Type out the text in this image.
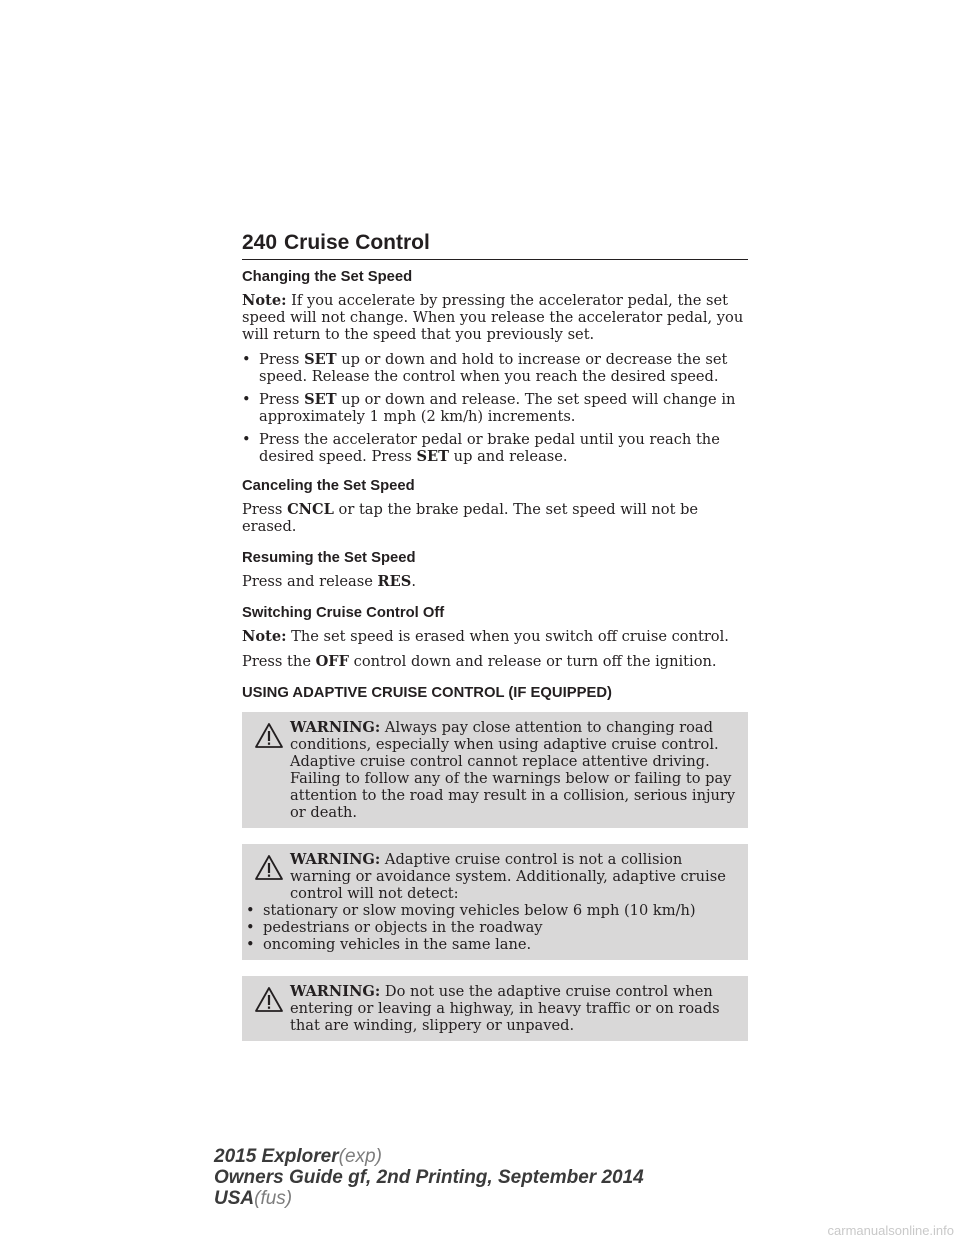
240 Cruise Control
Changing the Set Speed

Note: If you accelerate by pressing the accelerator pedal, the set speed will not change. When you release the accelerator pedal, you will return to the speed that you previously set.

• Press SET up or down and hold to increase or decrease the set speed. Release the control when you reach the desired speed.
• Press SET up or down and release. The set speed will change in approximately 1 mph (2 km/h) increments.
• Press the accelerator pedal or brake pedal until you reach the desired speed. Press SET up and release.
Canceling the Set Speed

Press CNCL or tap the brake pedal. The set speed will not be erased.

Resuming the Set Speed

Press and release RES.

Switching Cruise Control Off

Note: The set speed is erased when you switch off cruise control.

Press the OFF control down and release or turn off the ignition.

USING ADAPTIVE CRUISE CONTROL (IF EQUIPPED)
WARNING: Always pay close attention to changing road conditions, especially when using adaptive cruise control. Adaptive cruise control cannot replace attentive driving. Failing to follow any of the warnings below or failing to pay attention to the road may result in a collision, serious injury or death.
WARNING: Adaptive cruise control is not a collision warning or avoidance system. Additionally, adaptive cruise control will not detect:
• stationary or slow moving vehicles below 6 mph (10 km/h)
• pedestrians or objects in the roadway
• oncoming vehicles in the same lane.
WARNING: Do not use the adaptive cruise control when entering or leaving a highway, in heavy traffic or on roads that are winding, slippery or unpaved.
2015 Explorer(exp)
Owners Guide gf, 2nd Printing, September 2014
USA(fus)
carmanualsonline.info
